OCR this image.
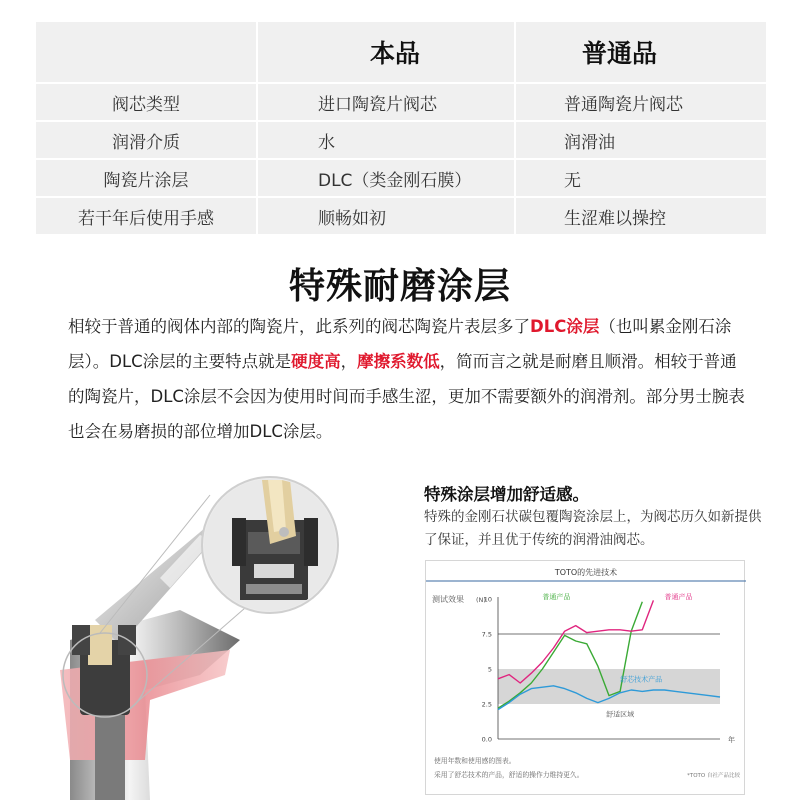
	本品	普通品
阀芯类型	进口陶瓷片阀芯	普通陶瓷片阀芯
润滑介质	水	润滑油
陶瓷片涂层	DLC（类金刚石膜）	无
若干年后使用手感	顺畅如初	生涩难以操控
特殊耐磨涂层
相较于普通的阀体内部的陶瓷片，此系列的阀芯陶瓷片表层多了DLC涂层（也叫累金刚石涂层）。DLC涂层的主要特点就是硬度高，摩擦系数低，简而言之就是耐磨且顺滑。相较于普通的陶瓷片，DLC涂层不会因为使用时间而手感生涩，更加不需要额外的润滑剂。部分男士腕表也会在易磨损的部位增加DLC涂层。
特殊涂层增加舒适感。
特殊的金刚石状碳包覆陶瓷涂层上，为阀芯历久如新提供了保证，并且优于传统的润滑油阀芯。
TOTO的先进技术
测试效果 (N)
舒适区域
10
7.5
5
2.5
0.0	年
普通产品	普通产品
舒芯技术产品
使用年数和使用感的图表。
采用了舒芯技术的产品，舒适的操作力维持更久。	*TOTO 自社产品比较
